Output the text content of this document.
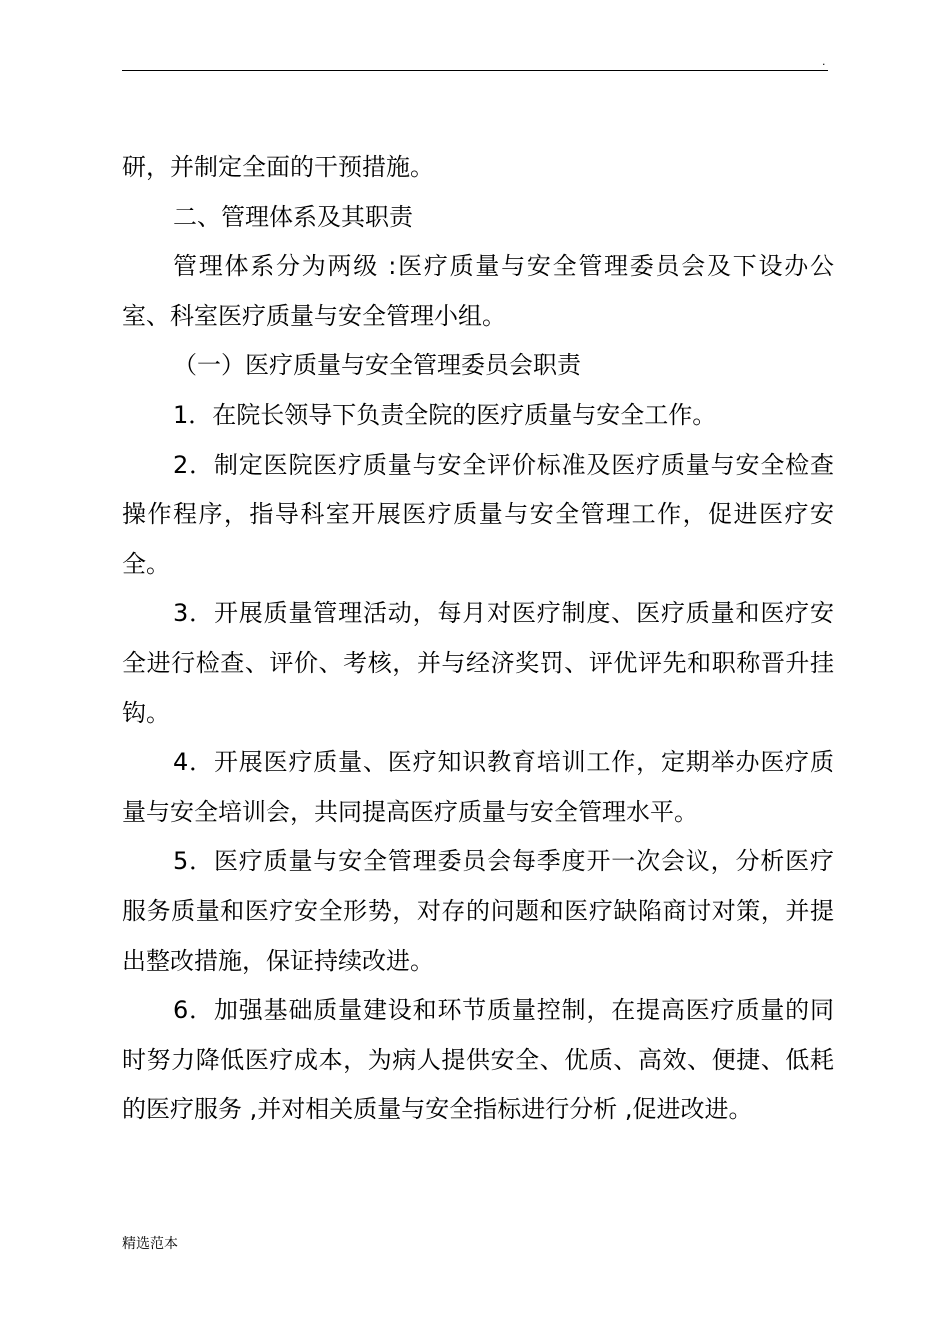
.

研，并制定全面的干预措施。

二、管理体系及其职责

管理体系分为两级 :医疗质量与安全管理委员会及下设办公室、科室医疗质量与安全管理小组。

（一）医疗质量与安全管理委员会职责

1．在院长领导下负责全院的医疗质量与安全工作。

2．制定医院医疗质量与安全评价标准及医疗质量与安全检查操作程序，指导科室开展医疗质量与安全管理工作，促进医疗安全。

3．开展质量管理活动，每月对医疗制度、医疗质量和医疗安全进行检查、评价、考核，并与经济奖罚、评优评先和职称晋升挂钩。

4．开展医疗质量、医疗知识教育培训工作，定期举办医疗质量与安全培训会，共同提高医疗质量与安全管理水平。

5．医疗质量与安全管理委员会每季度开一次会议，分析医疗服务质量和医疗安全形势，对存的问题和医疗缺陷商讨对策，并提出整改措施，保证持续改进。

6．加强基础质量建设和环节质量控制，在提高医疗质量的同时努力降低医疗成本，为病人提供安全、优质、高效、便捷、低耗的医疗服务 ,并对相关质量与安全指标进行分析 ,促进改进。

精选范本
